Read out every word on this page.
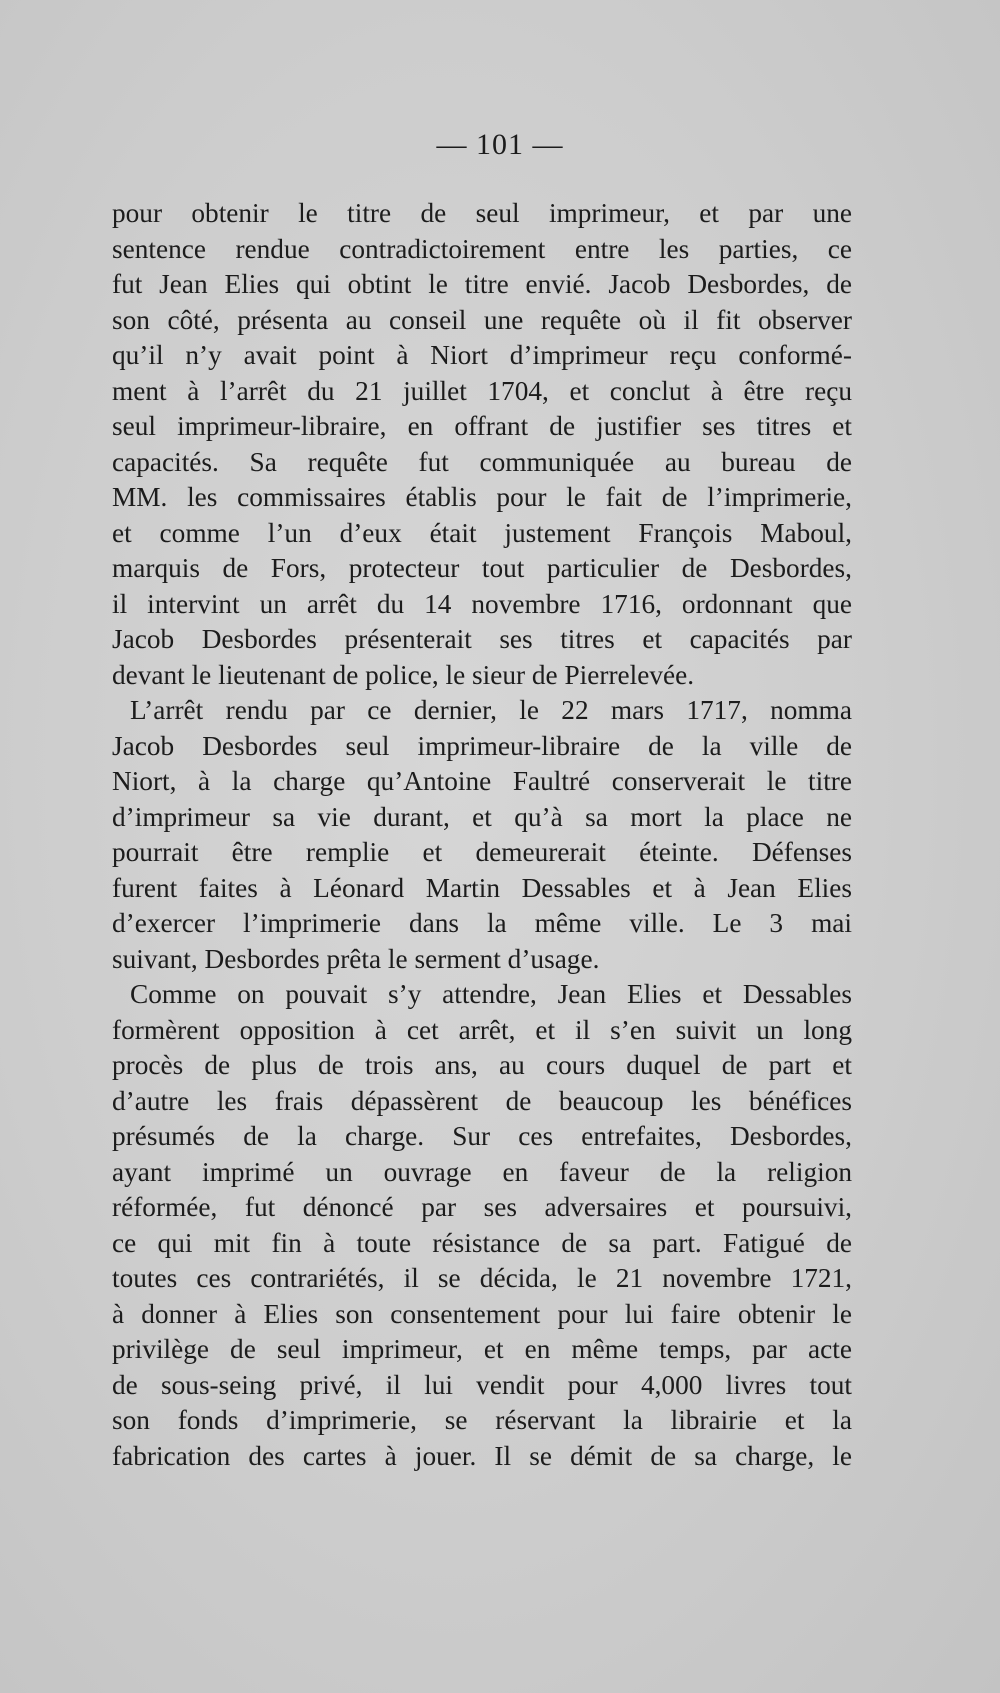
— 101 —
pour obtenir le titre de seul imprimeur, et par une
sentence rendue contradictoirement entre les parties, ce
fut Jean Elies qui obtint le titre envié. Jacob Desbordes, de
son côté, présenta au conseil une requête où il fit observer
qu’il n’y avait point à Niort d’imprimeur reçu conformé-
ment à l’arrêt du 21 juillet 1704, et conclut à être reçu
seul imprimeur-libraire, en offrant de justifier ses titres et
capacités. Sa requête fut communiquée au bureau de
MM. les commissaires établis pour le fait de l’imprimerie,
et comme l’un d’eux était justement François Maboul,
marquis de Fors, protecteur tout particulier de Desbordes,
il intervint un arrêt du 14 novembre 1716, ordonnant que
Jacob Desbordes présenterait ses titres et capacités par
devant le lieutenant de police, le sieur de Pierrelevée.
L’arrêt rendu par ce dernier, le 22 mars 1717, nomma
Jacob Desbordes seul imprimeur-libraire de la ville de
Niort, à la charge qu’Antoine Faultré conserverait le titre
d’imprimeur sa vie durant, et qu’à sa mort la place ne
pourrait être remplie et demeurerait éteinte. Défenses
furent faites à Léonard Martin Dessables et à Jean Elies
d’exercer l’imprimerie dans la même ville. Le 3 mai
suivant, Desbordes prêta le serment d’usage.
Comme on pouvait s’y attendre, Jean Elies et Dessables
formèrent opposition à cet arrêt, et il s’en suivit un long
procès de plus de trois ans, au cours duquel de part et
d’autre les frais dépassèrent de beaucoup les bénéfices
présumés de la charge. Sur ces entrefaites, Desbordes,
ayant imprimé un ouvrage en faveur de la religion
réformée, fut dénoncé par ses adversaires et poursuivi,
ce qui mit fin à toute résistance de sa part. Fatigué de
toutes ces contrariétés, il se décida, le 21 novembre 1721,
à donner à Elies son consentement pour lui faire obtenir le
privilège de seul imprimeur, et en même temps, par acte
de sous-seing privé, il lui vendit pour 4,000 livres tout
son fonds d’imprimerie, se réservant la librairie et la
fabrication des cartes à jouer. Il se démit de sa charge, le
